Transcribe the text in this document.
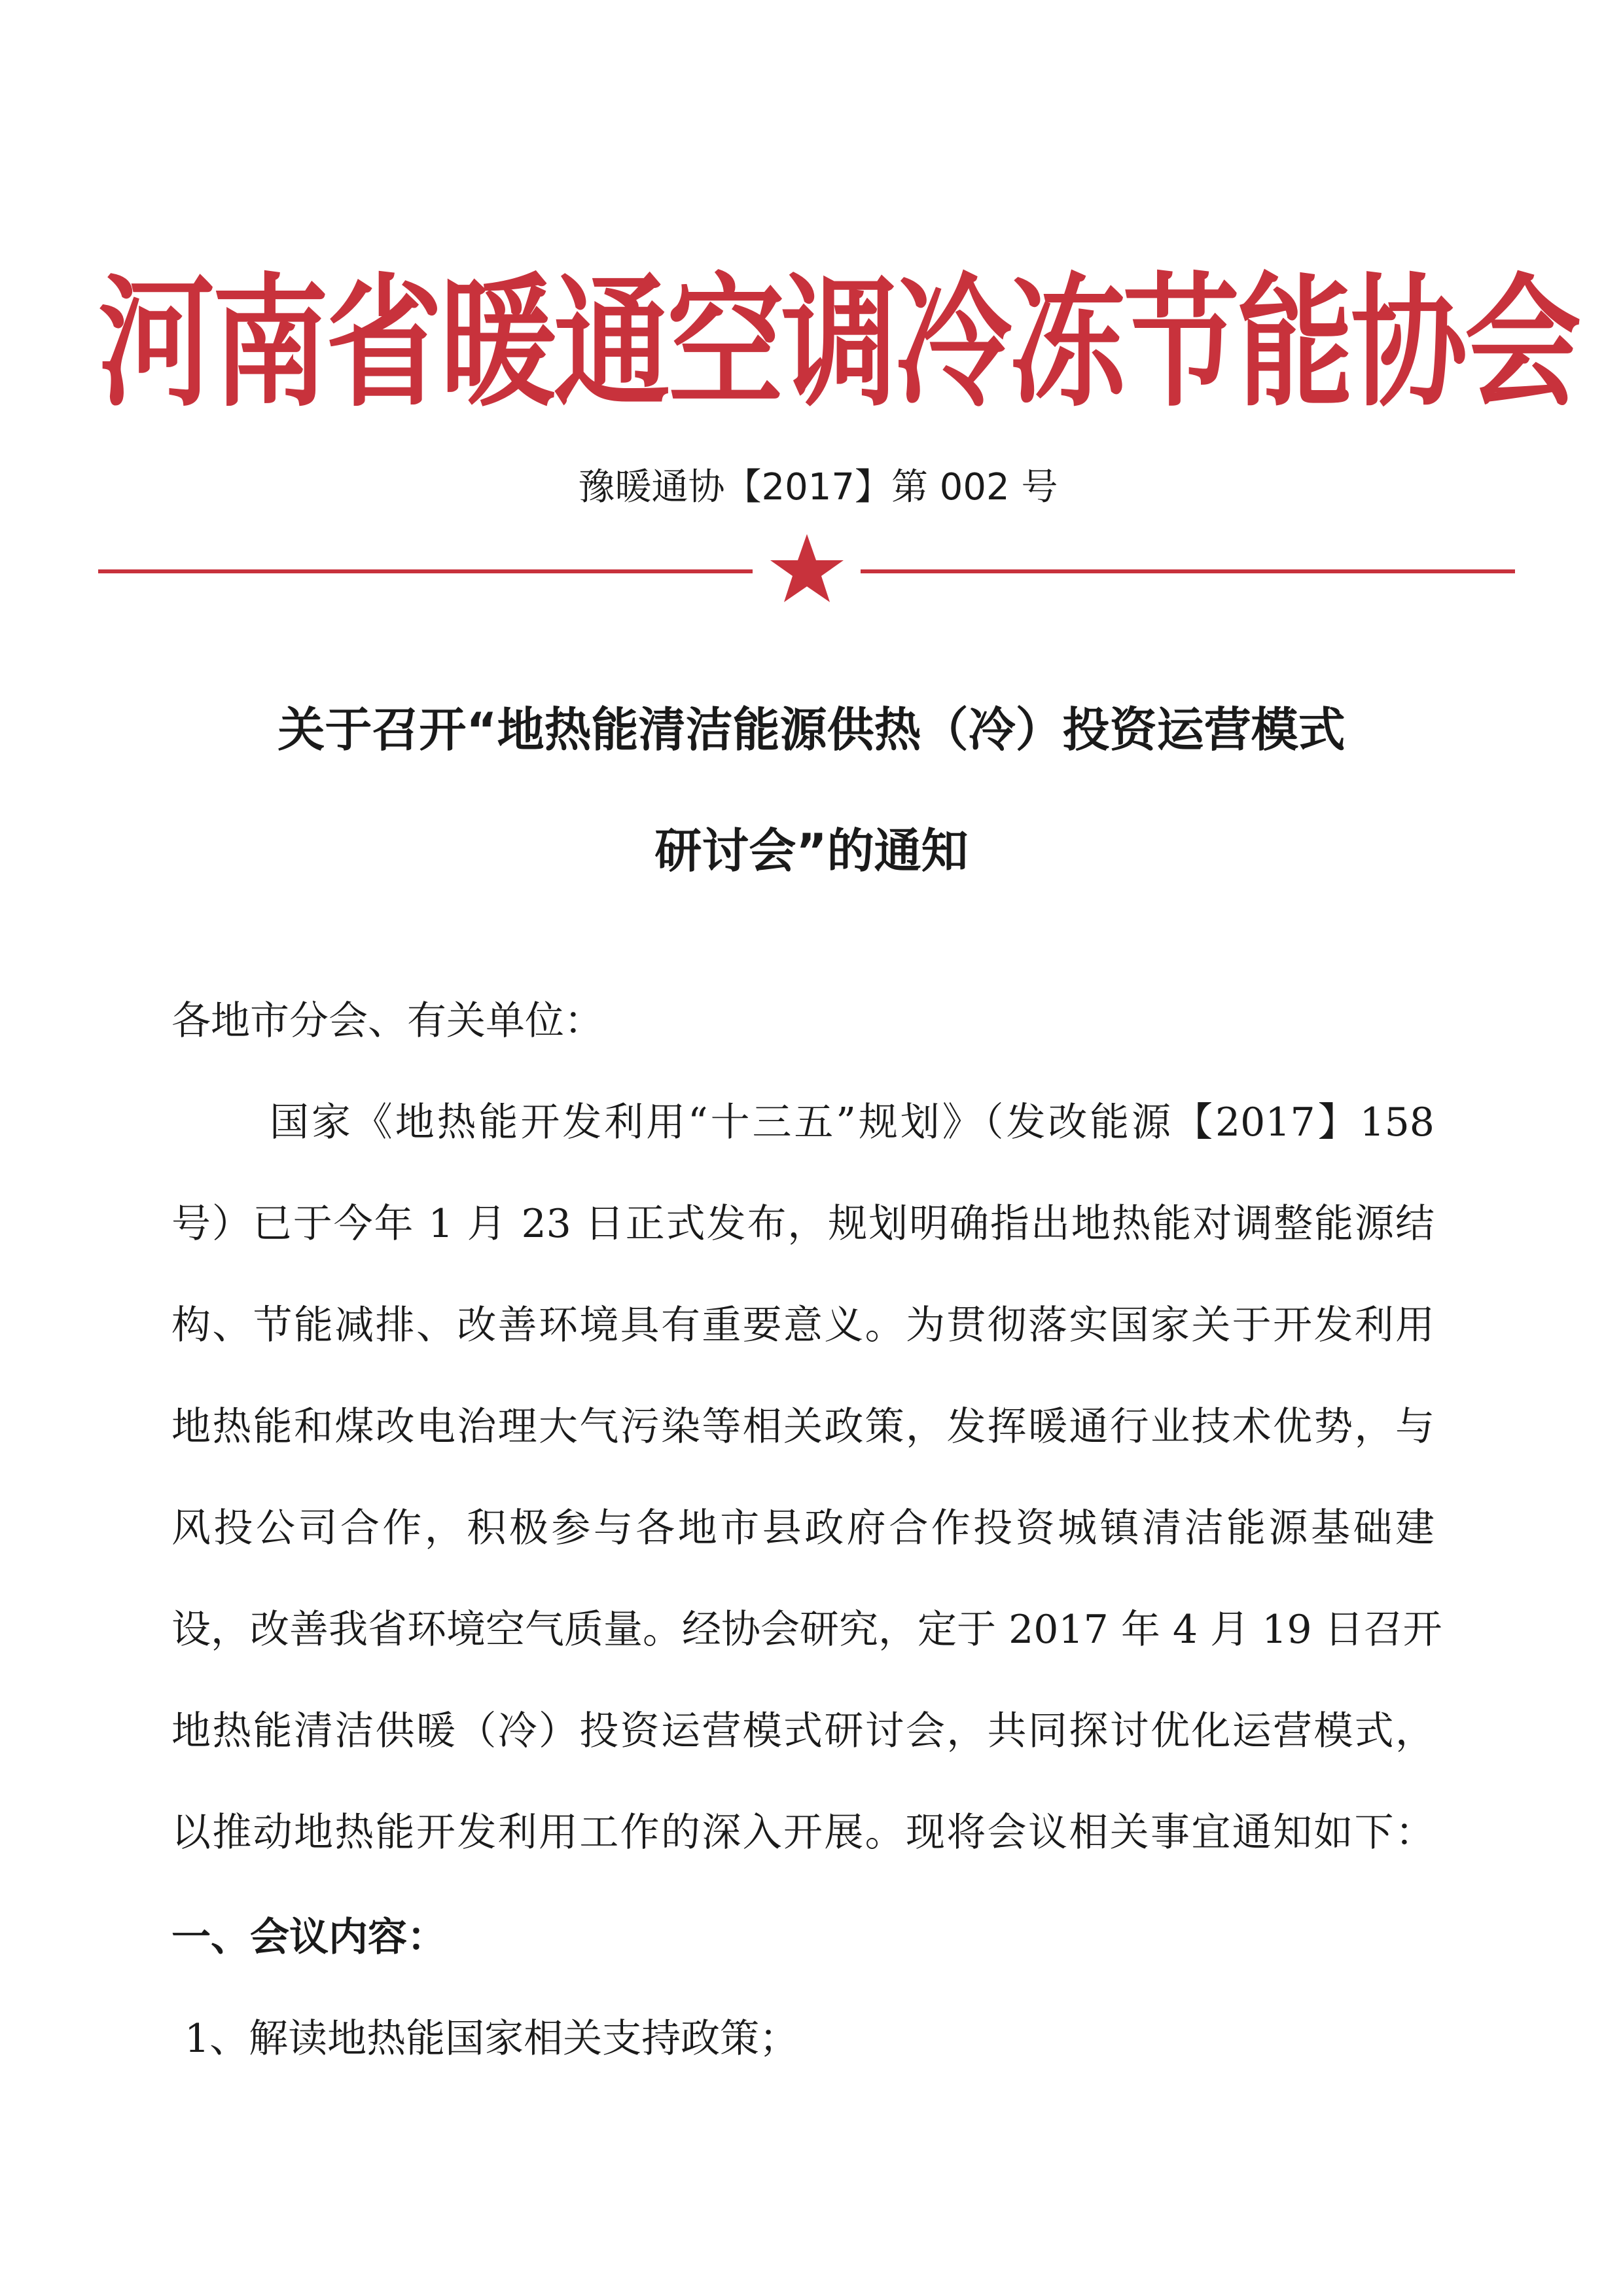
河南省暖通空调冷冻节能协会
豫暖通协【2017】第 002 号
关于召开“地热能清洁能源供热（冷）投资运营模式
研讨会”的通知
各地市分会、有关单位：
国家《地热能开发利用“十三五”规划》（发改能源【2017】158
号）已于今年 1 月 23 日正式发布，规划明确指出地热能对调整能源结
构、节能减排、改善环境具有重要意义。为贯彻落实国家关于开发利用
地热能和煤改电治理大气污染等相关政策，发挥暖通行业技术优势，与
风投公司合作，积极参与各地市县政府合作投资城镇清洁能源基础建
设，改善我省环境空气质量。经协会研究，定于 2017 年 4 月 19 日召开
地热能清洁供暖（冷）投资运营模式研讨会，共同探讨优化运营模式，
以推动地热能开发利用工作的深入开展。现将会议相关事宜通知如下：
一、会议内容：
1、解读地热能国家相关支持政策；
